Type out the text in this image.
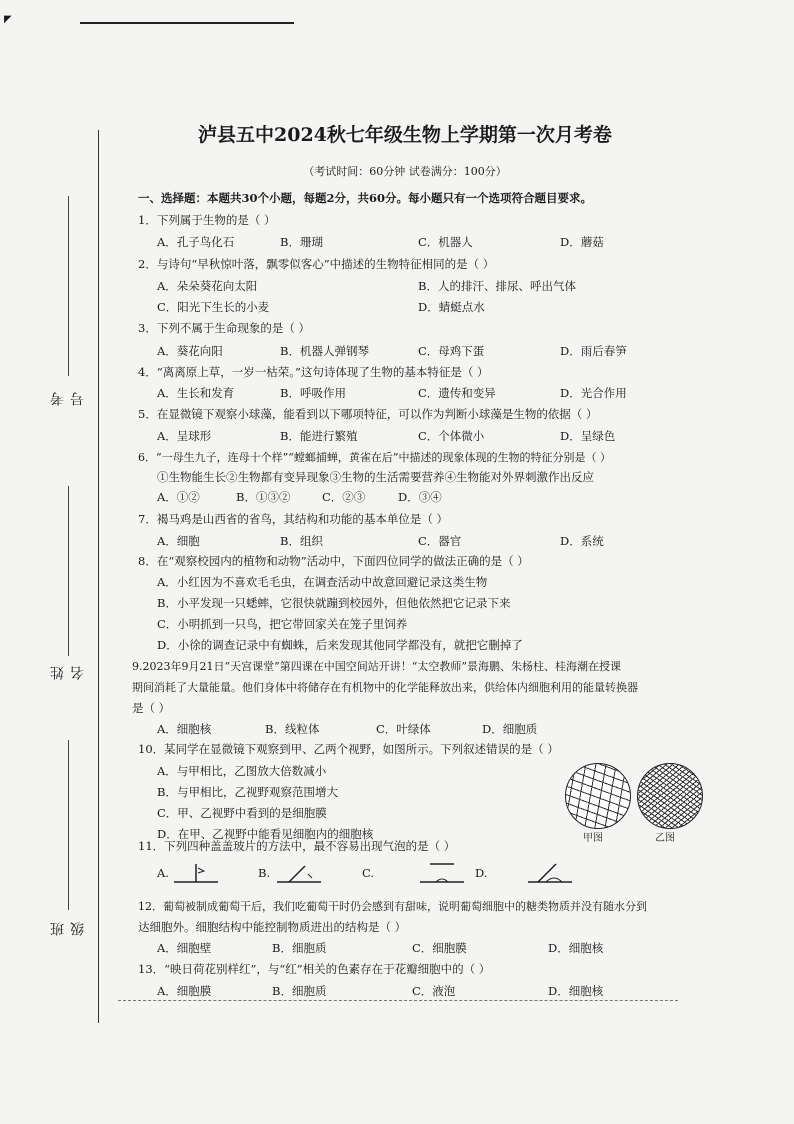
◤
考号
姓名
班级
泸县五中2024秋七年级生物上学期第一次月考卷
（考试时间：60分钟 试卷满分：100分）
一、选择题：本题共30个小题，每题2分，共60分。每小题只有一个选项符合题目要求。
1．下列属于生物的是（ ）
A．孔子鸟化石	B．珊瑚	C．机器人	D．蘑菇
2．与诗句“早秋惊叶落，飘零似客心”中描述的生物特征相同的是（ ）
A．朵朵葵花向太阳	B．人的排汗、排尿、呼出气体
C．阳光下生长的小麦	D．蜻蜓点水
3．下列不属于生命现象的是（ ）
A．葵花向阳	B．机器人弹钢琴	C．母鸡下蛋	D．雨后春笋
4．“离离原上草，一岁一枯荣。”这句诗体现了生物的基本特征是（ ）
A．生长和发育	B．呼吸作用	C．遗传和变异	D．光合作用
5．在显微镜下观察小球藻，能看到以下哪项特征，可以作为判断小球藻是生物的依据（ ）
A．呈球形	B．能进行繁殖	C．个体微小	D．呈绿色
6．“一母生九子，连母十个样”“螳螂捕蝉，黄雀在后”中描述的现象体现的生物的特征分别是（ ）
①生物能生长②生物都有变异现象③生物的生活需要营养④生物能对外界刺激作出反应
A．①②	B．①③②	C．②③	D．③④
7．褐马鸡是山西省的省鸟，其结构和功能的基本单位是（ ）
A．细胞	B．组织	C．器官	D．系统
8．在“观察校园内的植物和动物”活动中，下面四位同学的做法正确的是（ ）
A．小红因为不喜欢毛毛虫，在调查活动中故意回避记录这类生物
B．小平发现一只蟋蟀，它很快就蹦到校园外，但他依然把它记录下来
C．小明抓到一只鸟，把它带回家关在笼子里饲养
D．小徐的调查记录中有蜘蛛，后来发现其他同学都没有，就把它删掉了
9.2023年9月21日“天宫课堂”第四课在中国空间站开讲！“太空教师”景海鹏、朱杨柱、桂海潮在授课
期间消耗了大量能量。他们身体中将储存在有机物中的化学能释放出来，供给体内细胞利用的能量转换器
是（ ）
A．细胞核	B．线粒体	C．叶绿体	D．细胞质
10．某同学在显微镜下观察到甲、乙两个视野，如图所示。下列叙述错误的是（ ）
A．与甲相比，乙图放大倍数减小
B．与甲相比，乙视野观察范围增大
C．甲、乙视野中看到的是细胞膜
D．在甲、乙视野中能看见细胞内的细胞核	甲图	乙图
11．下列四种盖盖玻片的方法中，最不容易出现气泡的是（ ）
A.	B.	C.	D.
12．葡萄被制成葡萄干后，我们吃葡萄干时仍会感到有甜味，说明葡萄细胞中的糖类物质并没有随水分到
达细胞外。细胞结构中能控制物质进出的结构是（ ）
A．细胞壁	B．细胞质	C．细胞膜	D．细胞核
13．“映日荷花别样红”，与“红”相关的色素存在于花瓣细胞中的（ ）
A．细胞膜	B．细胞质	C．液泡	D．细胞核
